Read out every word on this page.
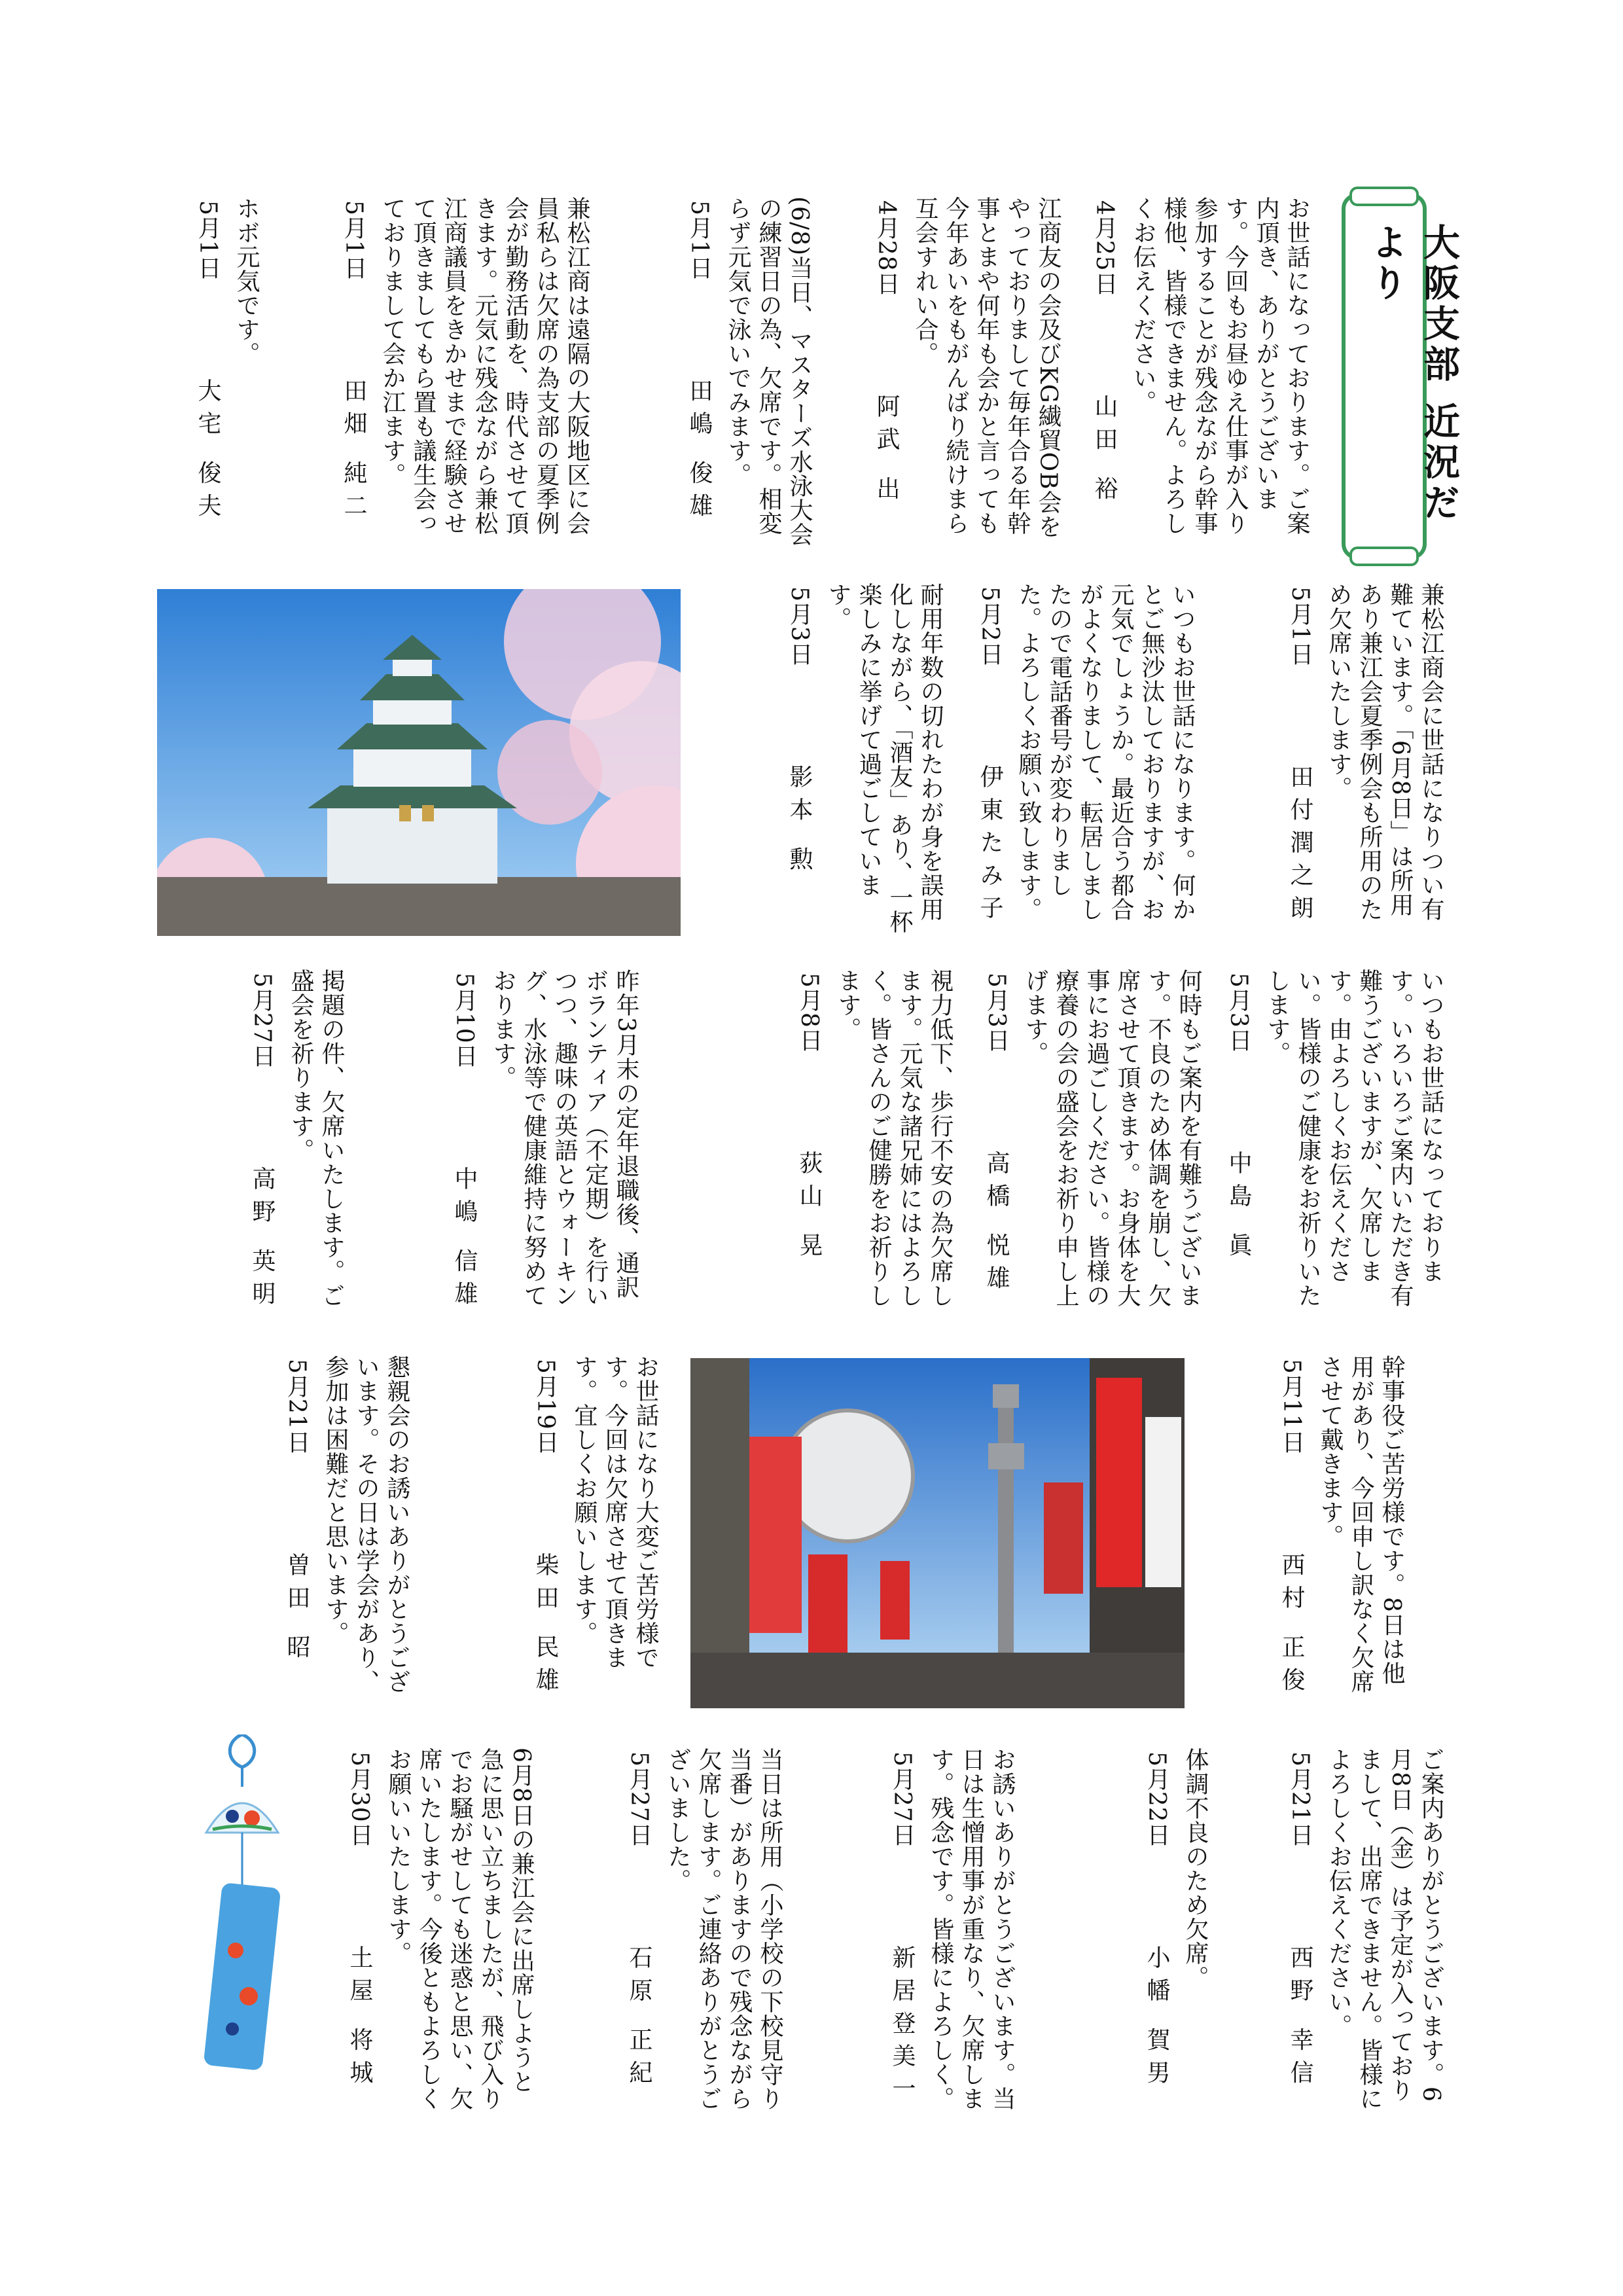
大阪支部 近況だより
お世話になっております。ご案内頂き、ありがとうございます。今回もお昼ゆえ仕事が入り参加することが残念ながら幹事様他、皆様できません。よろしくお伝えください。
4月25日山田 裕
江商友の会及びKG繊貿OB会をやっておりまして毎年合る年幹事とまや何年も会かと言っても今年あいをもがんばり続けまら互会すれい合。
4月28日阿武 出
(6/8)当日、マスターズ水泳大会の練習日の為、欠席です。相変らず元気で泳いでみます。
5月1日田嶋 俊雄
兼松江商は遠隔の大阪地区に会員私らは欠席の為支部の夏季例会が勤務活動を、時代させて頂きます。元気に残念ながら兼松江商議員をきかせまで経験させて頂きましてもら置も議生会っておりまして会か江ます。
5月1日田畑 純二
ホボ元気です。
5月1日大宅 俊夫
兼松江商会に世話になりつい有難ています。「6月8日」は所用あり兼江会夏季例会も所用のため欠席いたします。
5月1日田付潤之朗
いつもお世話になります。何かとご無沙汰しておりますが、お元気でしょうか。最近合う都合がよくなりまして、転居しましたので電話番号が変わりました。よろしくお願い致します。
5月2日伊東たみ子
耐用年数の切れたわが身を誤用化しながら、「酒友」あり、一杯楽しみに挙げて過ごしています。
5月3日影本 勲
いつもお世話になっております。いろいろご案内いただき有難うございますが、欠席します。由よろしくお伝えください。皆様のご健康をお祈りいたします。
5月3日中島 眞
何時もご案内を有難うございます。不良のため体調を崩し、欠席させて頂きます。お身体を大事にお過ごしください。皆様の療養の会の盛会をお祈り申し上げます。
5月3日高橋 悦雄
視力低下、歩行不安の為欠席します。元気な諸兄姉にはよろしく。皆さんのご健勝をお祈りします。
5月8日荻山 晃
昨年3月末の定年退職後、通訳ボランティア（不定期）を行いつつ、趣味の英語とウォーキング、水泳等で健康維持に努めております。
5月10日中嶋 信雄
掲題の件、欠席いたします。ご盛会を祈ります。
5月27日高野 英明
幹事役ご苦労様です。8日は他用があり、今回申し訳なく欠席させて戴きます。
5月11日西村 正俊
お世話になり大変ご苦労様です。今回は欠席させて頂きます。宜しくお願いします。
5月19日柴田 民雄
懇親会のお誘いありがとうございます。その日は学会があり、参加は困難だと思います。
5月21日曽田 昭
ご案内ありがとうございます。6月8日（金）は予定が入っておりまして、出席できません。皆様によろしくお伝えください。
5月21日西野 幸信
体調不良のため欠席。
5月22日小幡 賀男
お誘いありがとうございます。当日は生憎用事が重なり、欠席します。残念です。皆様によろしく。
5月27日新居登美一
当日は所用（小学校の下校見守り当番）がありますので残念ながら欠席します。ご連絡ありがとうございました。
5月27日石原 正紀
6月8日の兼江会に出席しようと急に思い立ちましたが、飛び入りでお騒がせしても迷惑と思い、欠席いたします。今後ともよろしくお願いいたします。
5月30日土屋 将城
